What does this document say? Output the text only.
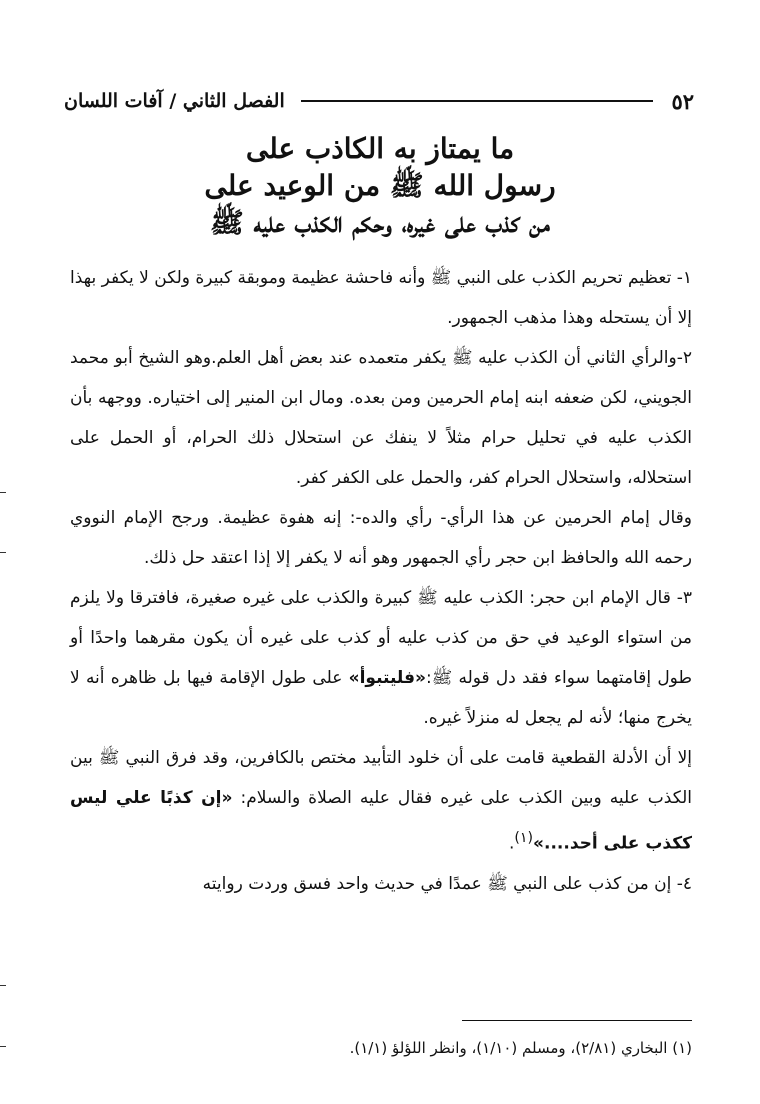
٥٢
الفصل الثاني / آفات اللسان
ما يمتاز به الكاذب على
رسول الله ﷺ من الوعيد على
من كذب على غيره، وحكم الكذب عليه ﷺ

١- تعظيم تحريم الكذب على النبي ﷺ وأنه فاحشة عظيمة وموبقة كبيرة ولكن لا يكفر بهذا إلا أن يستحله وهذا مذهب الجمهور.

٢-والرأي الثاني أن الكذب عليه ﷺ يكفر متعمده عند بعض أهل العلم.وهو الشيخ أبو محمد الجويني، لكن ضعفه ابنه إمام الحرمين ومن بعده. ومال ابن المنير إلى اختياره. ووجهه بأن الكذب عليه في تحليل حرام مثلاً لا ينفك عن استحلال ذلك الحرام، أو الحمل على استحلاله، واستحلال الحرام كفر، والحمل على الكفر كفر.

وقال إمام الحرمين عن هذا الرأي- رأي والده-: إنه هفوة عظيمة. ورجح الإمام النووي رحمه الله والحافظ ابن حجر رأي الجمهور وهو أنه لا يكفر إلا إذا اعتقد حل ذلك.

٣- قال الإمام ابن حجر: الكذب عليه ﷺ كبيرة والكذب على غيره صغيرة، فافترقا ولا يلزم من استواء الوعيد في حق من كذب عليه أو كذب على غيره أن يكون مقرهما واحدًا أو طول إقامتهما سواء فقد دل قوله ﷺ:«فليتبوأ» على طول الإقامة فيها بل ظاهره أنه لا يخرج منها؛ لأنه لم يجعل له منزلاً غيره.

إلا أن الأدلة القطعية قامت على أن خلود التأبيد مختص بالكافرين، وقد فرق النبي ﷺ بين الكذب عليه وبين الكذب على غيره فقال عليه الصلاة والسلام: «إن كذبًا علي ليس ككذب على أحد....»$^{(١)}$.

٤- إن من كذب على النبي ﷺ عمدًا في حديث واحد فسق وردت روايته

(١) البخاري (٢/٨١)، ومسلم (١/١٠)، وانظر اللؤلؤ (١/١).
